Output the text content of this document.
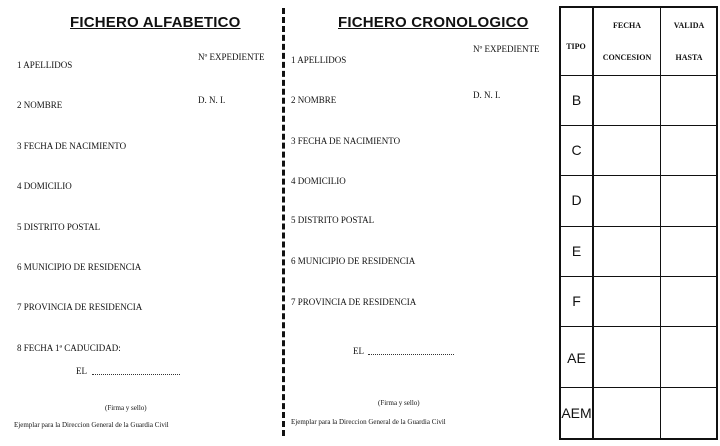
FICHERO ALFABETICO
Nº EXPEDIENTE
D. N. I.
1 APELLIDOS
2 NOMBRE
3 FECHA DE NACIMIENTO
4 DOMICILIO
5 DISTRITO POSTAL
6 MUNICIPIO DE RESIDENCIA
7 PROVINCIA DE RESIDENCIA
8 FECHA 1ª CADUCIDAD:
EL
(Firma y sello)
Ejemplar para la Direccion General de la Guardia Civil
FICHERO CRONOLOGICO
Nº EXPEDIENTE
D. N. I.
1 APELLIDOS
2 NOMBRE
3 FECHA DE NACIMIENTO
4 DOMICILIO
5 DISTRITO POSTAL
6 MUNICIPIO DE RESIDENCIA
7 PROVINCIA DE RESIDENCIA
EL
(Firma y sello)
Ejemplar para la Direccion General de la Guardia Civil
TIPO
FECHA
CONCESION
VALIDA
HASTA
B
C
D
E
F
AE
AEM
